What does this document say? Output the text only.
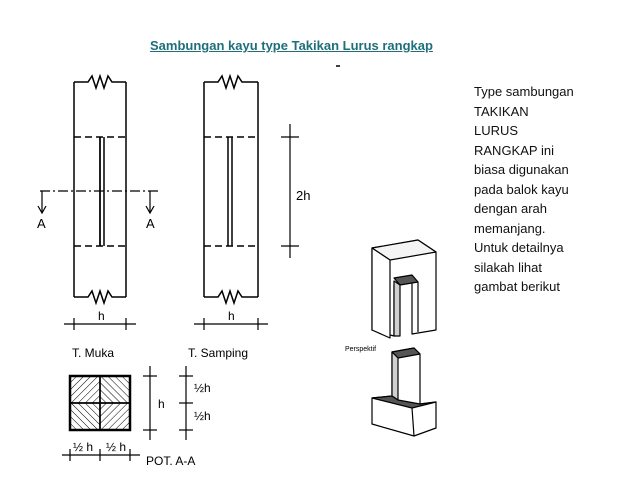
Sambungan kayu type Takikan Lurus rangkap
Type sambungan
TAKIKAN
LURUS
RANGKAP ini
biasa digunakan
pada balok kayu
dengan arah
memanjang.
Untuk detailnya
silakah lihat
gambat berikut
A	A
h
T. Muka
2h
h
T. Samping
h
½h
½h
½ h ½ h
POT. A-A
Perspektif
